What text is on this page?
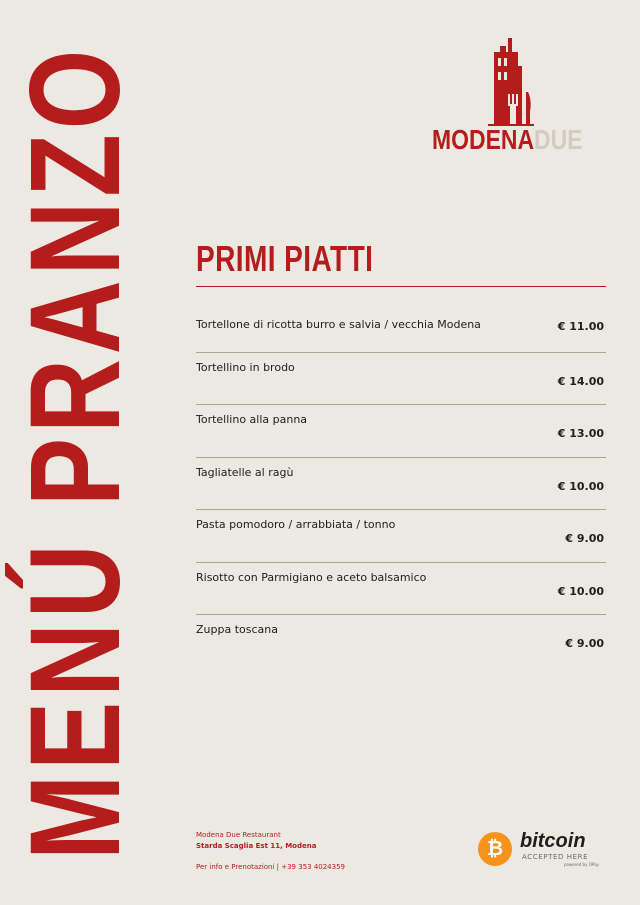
MENÚ PRANZO	MODENADUE
PRIMI PIATTI
Tortellone di ricotta burro e salvia / vecchia Modena	€ 11.00
Tortellino in brodo
€ 14.00
Tortellino alla panna
€ 13.00
Tagliatelle al ragù
€ 10.00
Pasta pomodoro / arrabbiata / tonno
€ 9.00
Risotto con Parmigiano e aceto balsamico
€ 10.00
Zuppa toscana
€ 9.00
Modena Due Restaurant
Starda Scaglia Est 11, Modena
Per info e Prenotazioni | +39 353 4024359
₿ bitcoin
ACCEPTED HERE
powered by OPay
